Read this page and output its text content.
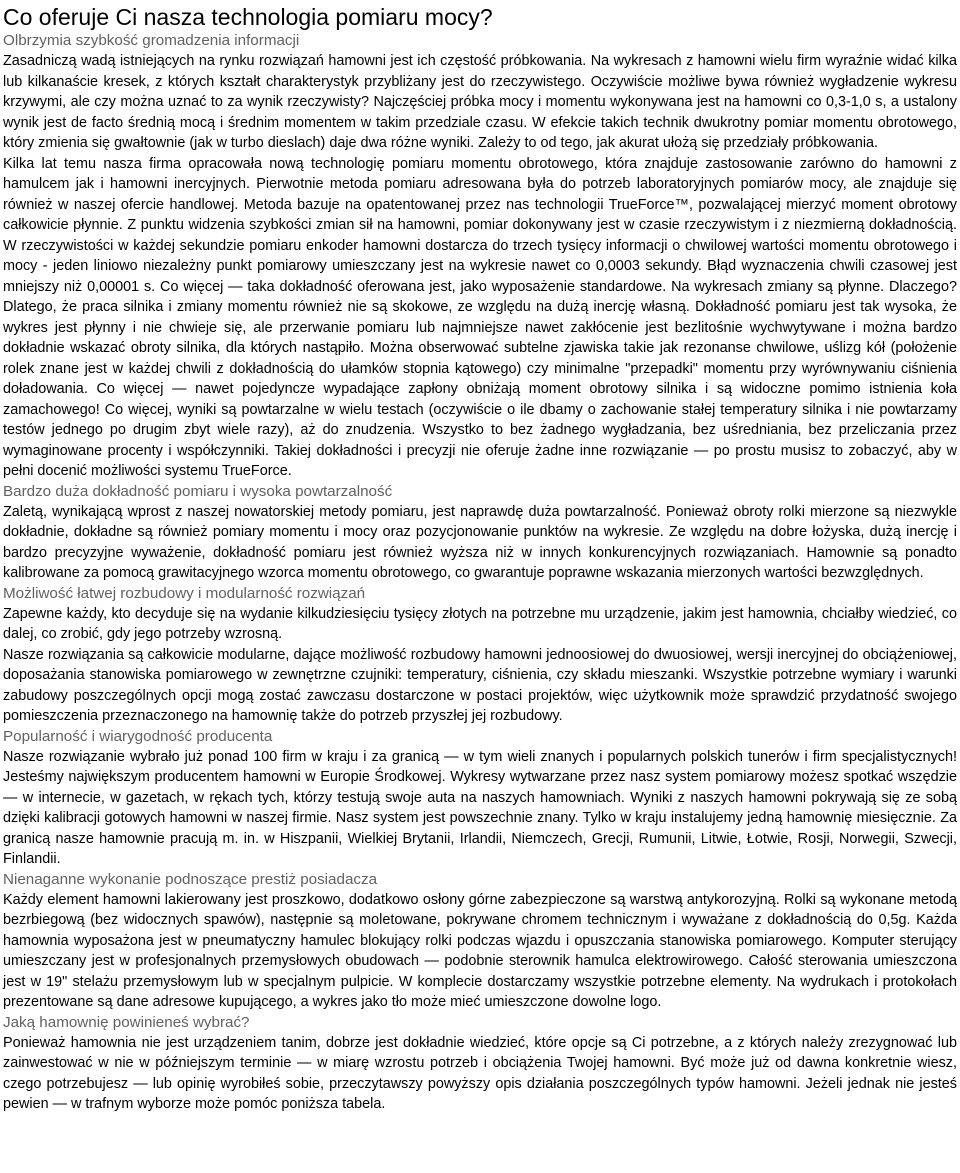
Co oferuje Ci nasza technologia pomiaru mocy?
Olbrzymia szybkość gromadzenia informacji

Zasadniczą wadą istniejących na rynku rozwiązań hamowni jest ich częstość próbkowania. Na wykresach z hamowni wielu firm wyraźnie widać kilka lub kilkanaście kresek, z których kształt charakterystyk przybliżany jest do rzeczywistego. Oczywiście możliwe bywa również wygładzenie wykresu krzywymi, ale czy można uznać to za wynik rzeczywisty? Najczęściej próbka mocy i momentu wykonywana jest na hamowni co 0,3-1,0 s, a ustalony wynik jest de facto średnią mocą i średnim momentem w takim przedziale czasu. W efekcie takich technik dwukrotny pomiar momentu obrotowego, który zmienia się gwałtownie (jak w turbo dieslach) daje dwa różne wyniki. Zależy to od tego, jak akurat ułożą się przedziały próbkowania.

Kilka lat temu nasza firma opracowała nową technologię pomiaru momentu obrotowego, która znajduje zastosowanie zarówno do hamowni z hamulcem jak i hamowni inercyjnych. Pierwotnie metoda pomiaru adresowana była do potrzeb laboratoryjnych pomiarów mocy, ale znajduje się również w naszej ofercie handlowej. Metoda bazuje na opatentowanej przez nas technologii TrueForce™, pozwalającej mierzyć moment obrotowy całkowicie płynnie. Z punktu widzenia szybkości zmian sił na hamowni, pomiar dokonywany jest w czasie rzeczywistym i z niezmierną dokładnością. W rzeczywistości w każdej sekundzie pomiaru enkoder hamowni dostarcza do trzech tysięcy informacji o chwilowej wartości momentu obrotowego i mocy - jeden liniowo niezależny punkt pomiarowy umieszczany jest na wykresie nawet co 0,0003 sekundy. Błąd wyznaczenia chwili czasowej jest mniejszy niż 0,00001 s. Co więcej — taka dokładność oferowana jest, jako wyposażenie standardowe. Na wykresach zmiany są płynne. Dlaczego? Dlatego, że praca silnika i zmiany momentu również nie są skokowe, ze względu na dużą inercję własną. Dokładność pomiaru jest tak wysoka, że wykres jest płynny i nie chwieje się, ale przerwanie pomiaru lub najmniejsze nawet zakłócenie jest bezlitośnie wychwytywane i można bardzo dokładnie wskazać obroty silnika, dla których nastąpiło. Można obserwować subtelne zjawiska takie jak rezonanse chwilowe, uślizg kół (położenie rolek znane jest w każdej chwili z dokładnością do ułamków stopnia kątowego) czy minimalne "przepadki" momentu przy wyrównywaniu ciśnienia doładowania. Co więcej — nawet pojedyncze wypadające zapłony obniżają moment obrotowy silnika i są widoczne pomimo istnienia koła zamachowego! Co więcej, wyniki są powtarzalne w wielu testach (oczywiście o ile dbamy o zachowanie stałej temperatury silnika i nie powtarzamy testów jednego po drugim zbyt wiele razy), aż do znudzenia. Wszystko to bez żadnego wygładzania, bez uśredniania, bez przeliczania przez wymaginowane procenty i współczynniki. Takiej dokładności i precyzji nie oferuje żadne inne rozwiązanie — po prostu musisz to zobaczyć, aby w pełni docenić możliwości systemu TrueForce.

Bardzo duża dokładność pomiaru i wysoka powtarzalność

Zaletą, wynikającą wprost z naszej nowatorskiej metody pomiaru, jest naprawdę duża powtarzalność. Ponieważ obroty rolki mierzone są niezwykle dokładnie, dokładne są również pomiary momentu i mocy oraz pozycjonowanie punktów na wykresie. Ze względu na dobre łożyska, dużą inercję i bardzo precyzyjne wyważenie, dokładność pomiaru jest również wyższa niż w innych konkurencyjnych rozwiązaniach. Hamownie są ponadto kalibrowane za pomocą grawitacyjnego wzorca momentu obrotowego, co gwarantuje poprawne wskazania mierzonych wartości bezwzględnych.

Możliwość łatwej rozbudowy i modularność rozwiązań

Zapewne każdy, kto decyduje się na wydanie kilkudziesięciu tysięcy złotych na potrzebne mu urządzenie, jakim jest hamownia, chciałby wiedzieć, co dalej, co zrobić, gdy jego potrzeby wzrosną.

Nasze rozwiązania są całkowicie modularne, dające możliwość rozbudowy hamowni jednoosiowej do dwuosiowej, wersji inercyjnej do obciążeniowej, doposażania stanowiska pomiarowego w zewnętrzne czujniki: temperatury, ciśnienia, czy składu mieszanki. Wszystkie potrzebne wymiary i warunki zabudowy poszczególnych opcji mogą zostać zawczasu dostarczone w postaci projektów, więc użytkownik może sprawdzić przydatność swojego pomieszczenia przeznaczonego na hamownię także do potrzeb przyszłej jej rozbudowy.

Popularność i wiarygodność producenta

Nasze rozwiązanie wybrało już ponad 100 firm w kraju i za granicą — w tym wieli znanych i popularnych polskich tunerów i firm specjalistycznych! Jesteśmy największym producentem hamowni w Europie Środkowej. Wykresy wytwarzane przez nasz system pomiarowy możesz spotkać wszędzie — w internecie, w gazetach, w rękach tych, którzy testują swoje auta na naszych hamowniach. Wyniki z naszych hamowni pokrywają się ze sobą dzięki kalibracji gotowych hamowni w naszej firmie. Nasz system jest powszechnie znany. Tylko w kraju instalujemy jedną hamownię miesięcznie. Za granicą nasze hamownie pracują m. in. w Hiszpanii, Wielkiej Brytanii, Irlandii, Niemczech, Grecji, Rumunii, Litwie, Łotwie, Rosji, Norwegii, Szwecji, Finlandii.

Nienaganne wykonanie podnoszące prestiż posiadacza

Każdy element hamowni lakierowany jest proszkowo, dodatkowo osłony górne zabezpieczone są warstwą antykorozyjną. Rolki są wykonane metodą bezrbiegową (bez widocznych spawów), następnie są moletowane, pokrywane chromem technicznym i wyważane z dokładnością do 0,5g. Każda hamownia wyposażona jest w pneumatyczny hamulec blokujący rolki podczas wjazdu i opuszczania stanowiska pomiarowego. Komputer sterujący umieszczany jest w profesjonalnych przemysłowych obudowach — podobnie sterownik hamulca elektrowirowego. Całość sterowania umieszczona jest w 19" stelażu przemysłowym lub w specjalnym pulpicie. W komplecie dostarczamy wszystkie potrzebne elementy. Na wydrukach i protokołach prezentowane są dane adresowe kupującego, a wykres jako tło może mieć umieszczone dowolne logo.

Jaką hamownię powinieneś wybrać?

Ponieważ hamownia nie jest urządzeniem tanim, dobrze jest dokładnie wiedzieć, które opcje są Ci potrzebne, a z których należy zrezygnować lub zainwestować w nie w późniejszym terminie — w miarę wzrostu potrzeb i obciążenia Twojej hamowni. Być może już od dawna konkretnie wiesz, czego potrzebujesz — lub opinię wyrobiłeś sobie, przeczytawszy powyższy opis działania poszczególnych typów hamowni. Jeżeli jednak nie jesteś pewien — w trafnym wyborze może pomóc poniższa tabela.
